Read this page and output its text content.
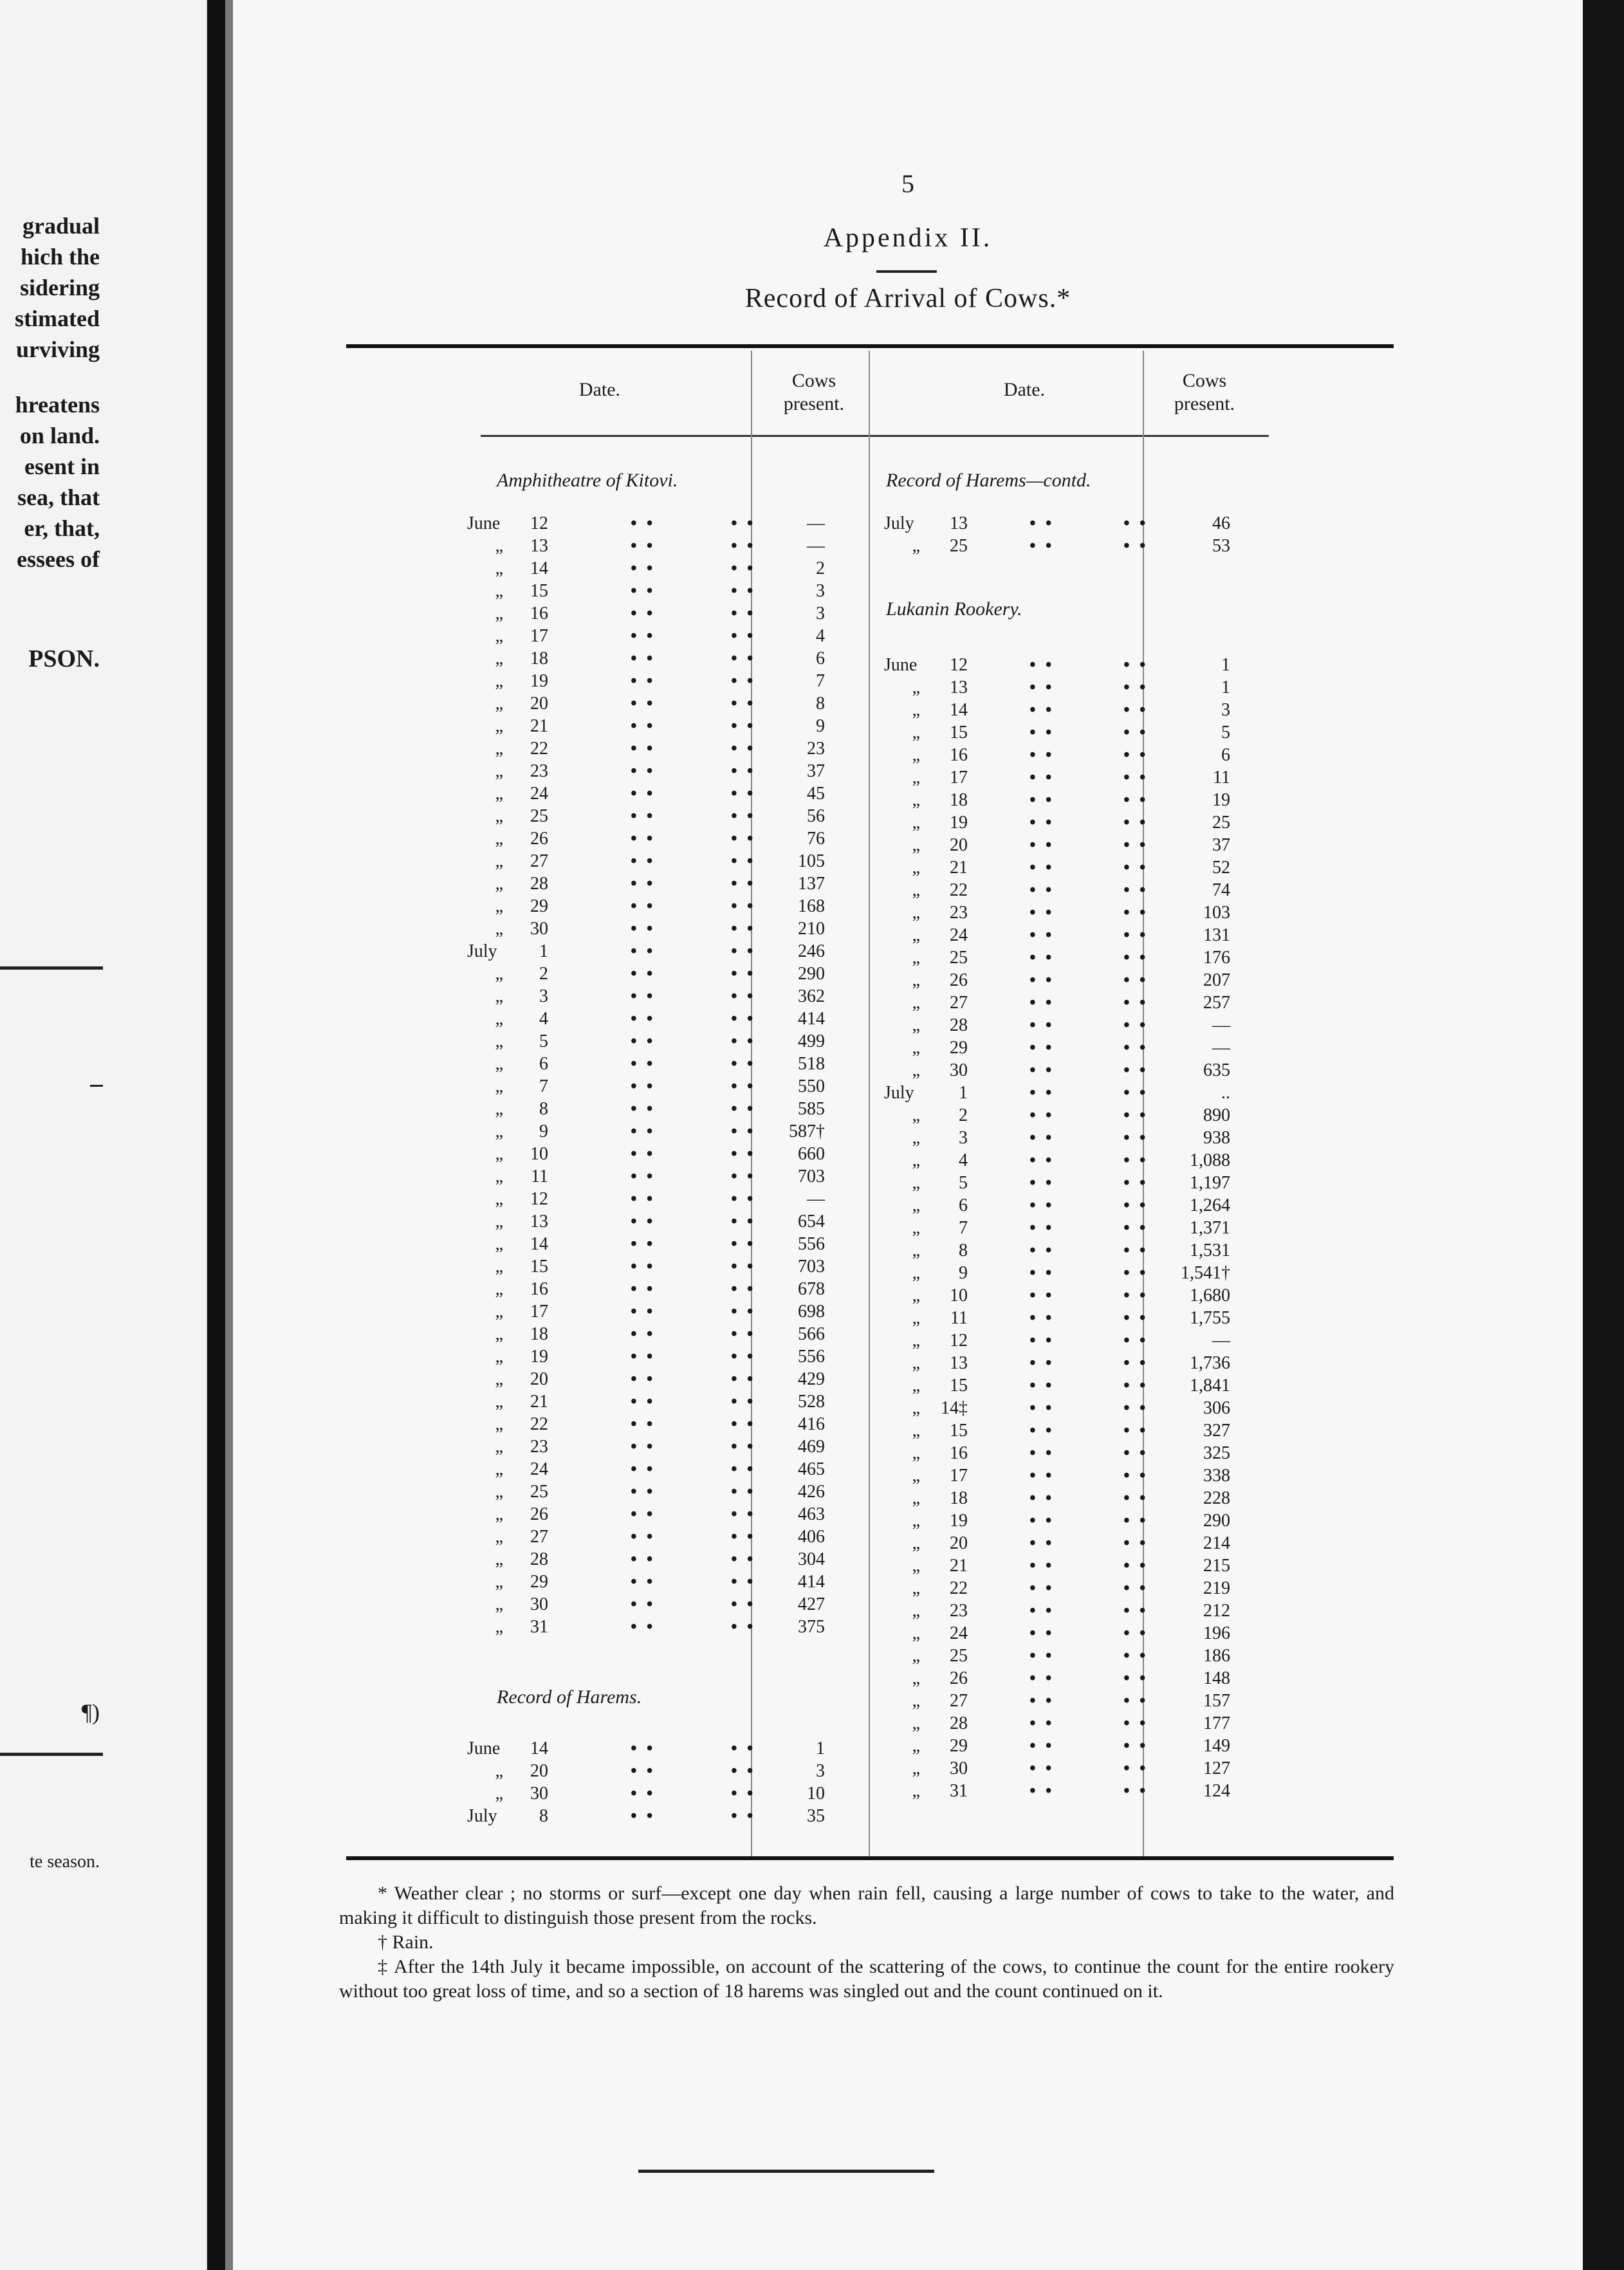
gradual
hich the
sidering
stimated
urviving
hreatens
on land.
esent in
sea, that
er, that,
essees of
PSON.
¶)
te season.
5
Appendix II.
Record of Arrival of Cows.*
Date.	Cows
present.
Date.	Cows
present.
Amphitheatre of Kitovi.
June	12	• •	• •	—
„	13	• •	• •	—
„	14	• •	• •	2
„	15	• •	• •	3
„	16	• •	• •	3
„	17	• •	• •	4
„	18	• •	• •	6
„	19	• •	• •	7
„	20	• •	• •	8
„	21	• •	• •	9
„	22	• •	• •	23
„	23	• •	• •	37
„	24	• •	• •	45
„	25	• •	• •	56
„	26	• •	• •	76
„	27	• •	• •	105
„	28	• •	• •	137
„	29	• •	• •	168
„	30	• •	• •	210
July	1	• •	• •	246
„	2	• •	• •	290
„	3	• •	• •	362
„	4	• •	• •	414
„	5	• •	• •	499
„	6	• •	• •	518
„	7	• •	• •	550
„	8	• •	• •	585
„	9	• •	• •	587†
„	10	• •	• •	660
„	11	• •	• •	703
„	12	• •	• •	—
„	13	• •	• •	654
„	14	• •	• •	556
„	15	• •	• •	703
„	16	• •	• •	678
„	17	• •	• •	698
„	18	• •	• •	566
„	19	• •	• •	556
„	20	• •	• •	429
„	21	• •	• •	528
„	22	• •	• •	416
„	23	• •	• •	469
„	24	• •	• •	465
„	25	• •	• •	426
„	26	• •	• •	463
„	27	• •	• •	406
„	28	• •	• •	304
„	29	• •	• •	414
„	30	• •	• •	427
„	31	• •	• •	375
Record of Harems.
June	14	• •	• •	1
„	20	• •	• •	3
„	30	• •	• •	10
July	8	• •	• •	35
Record of Harems—contd.
July	13	• •	• •	46
„	25	• •	• •	53
Lukanin Rookery.
June	12	• •	• •	1
„	13	• •	• •	1
„	14	• •	• •	3
„	15	• •	• •	5
„	16	• •	• •	6
„	17	• •	• •	11
„	18	• •	• •	19
„	19	• •	• •	25
„	20	• •	• •	37
„	21	• •	• •	52
„	22	• •	• •	74
„	23	• •	• •	103
„	24	• •	• •	131
„	25	• •	• •	176
„	26	• •	• •	207
„	27	• •	• •	257
„	28	• •	• •	—
„	29	• •	• •	—
„	30	• •	• •	635
July	1	• •	• •	..
„	2	• •	• •	890
„	3	• •	• •	938
„	4	• •	• •	1,088
„	5	• •	• •	1,197
„	6	• •	• •	1,264
„	7	• •	• •	1,371
„	8	• •	• •	1,531
„	9	• •	• •	1,541†
„	10	• •	• •	1,680
„	11	• •	• •	1,755
„	12	• •	• •	—
„	13	• •	• •	1,736
„	15	• •	• •	1,841
„	14‡	• •	• •	306
„	15	• •	• •	327
„	16	• •	• •	325
„	17	• •	• •	338
„	18	• •	• •	228
„	19	• •	• •	290
„	20	• •	• •	214
„	21	• •	• •	215
„	22	• •	• •	219
„	23	• •	• •	212
„	24	• •	• •	196
„	25	• •	• •	186
„	26	• •	• •	148
„	27	• •	• •	157
„	28	• •	• •	177
„	29	• •	• •	149
„	30	• •	• •	127
„	31	• •	• •	124

* Weather clear ; no storms or surf—except one day when rain fell, causing a large number of cows to take to the water, and making it difficult to distinguish those present from the rocks.

† Rain.

‡ After the 14th July it became impossible, on account of the scattering of the cows, to continue the count for the entire rookery without too great loss of time, and so a section of 18 harems was singled out and the count continued on it.
